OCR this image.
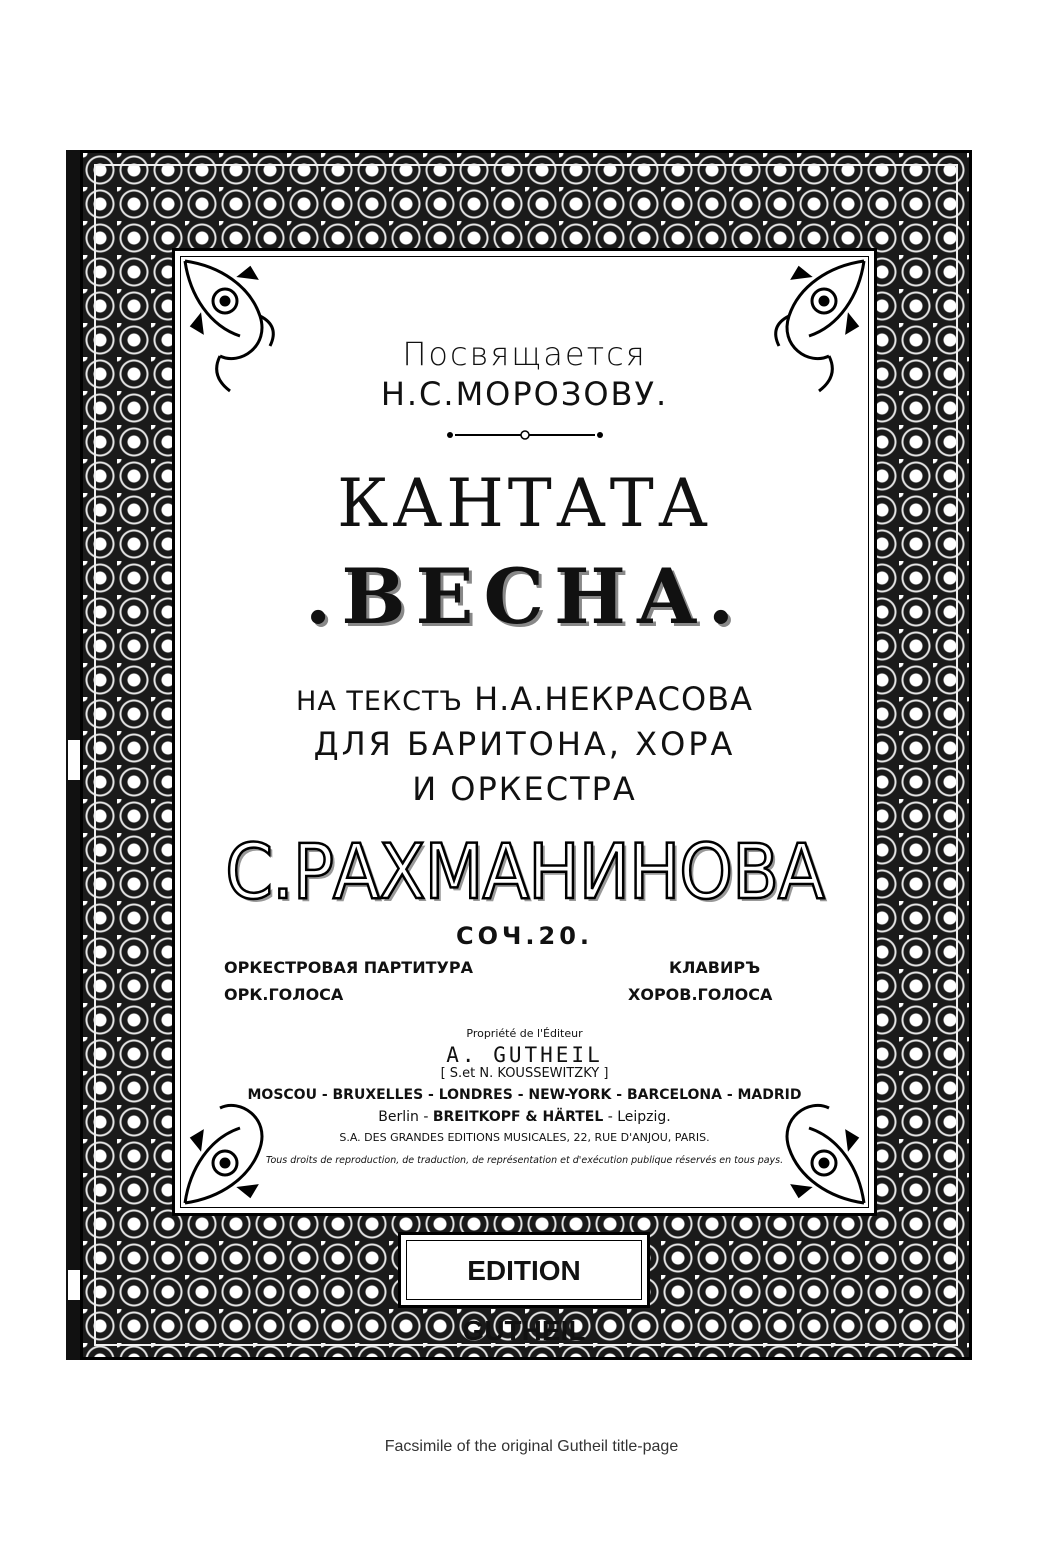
Посвящается
Н.С.МОРОЗОВУ.
КАНТАТА
.ВЕСНА.
НА ТЕКСТЪ Н.А.НЕКРАСОВА
ДЛЯ БАРИТОНА, ХОРА
И ОРКЕСТРА
С.РАХМАНИНОВА
СОЧ.20.
ОРКЕСТРОВАЯ ПАРТИТУРА
ОРК.ГОЛОСА
КЛАВИРЪ
ХОРОВ.ГОЛОСА
Propriété de l'Éditeur
A. GUTHEIL
[ S.et N. KOUSSEWITZKY ]
MOSCOU - BRUXELLES - LONDRES - NEW-YORK - BARCELONA - MADRID
Berlin - BREITKOPF & HÄRTEL - Leipzig.
S.A. DES GRANDES EDITIONS MUSICALES, 22, RUE D'ANJOU, PARIS.
Tous droits de reproduction, de traduction, de représentation et d'exécution publique réservés en tous pays.
EDITION GUTHEIL
Facsimile of the original Gutheil title-page
